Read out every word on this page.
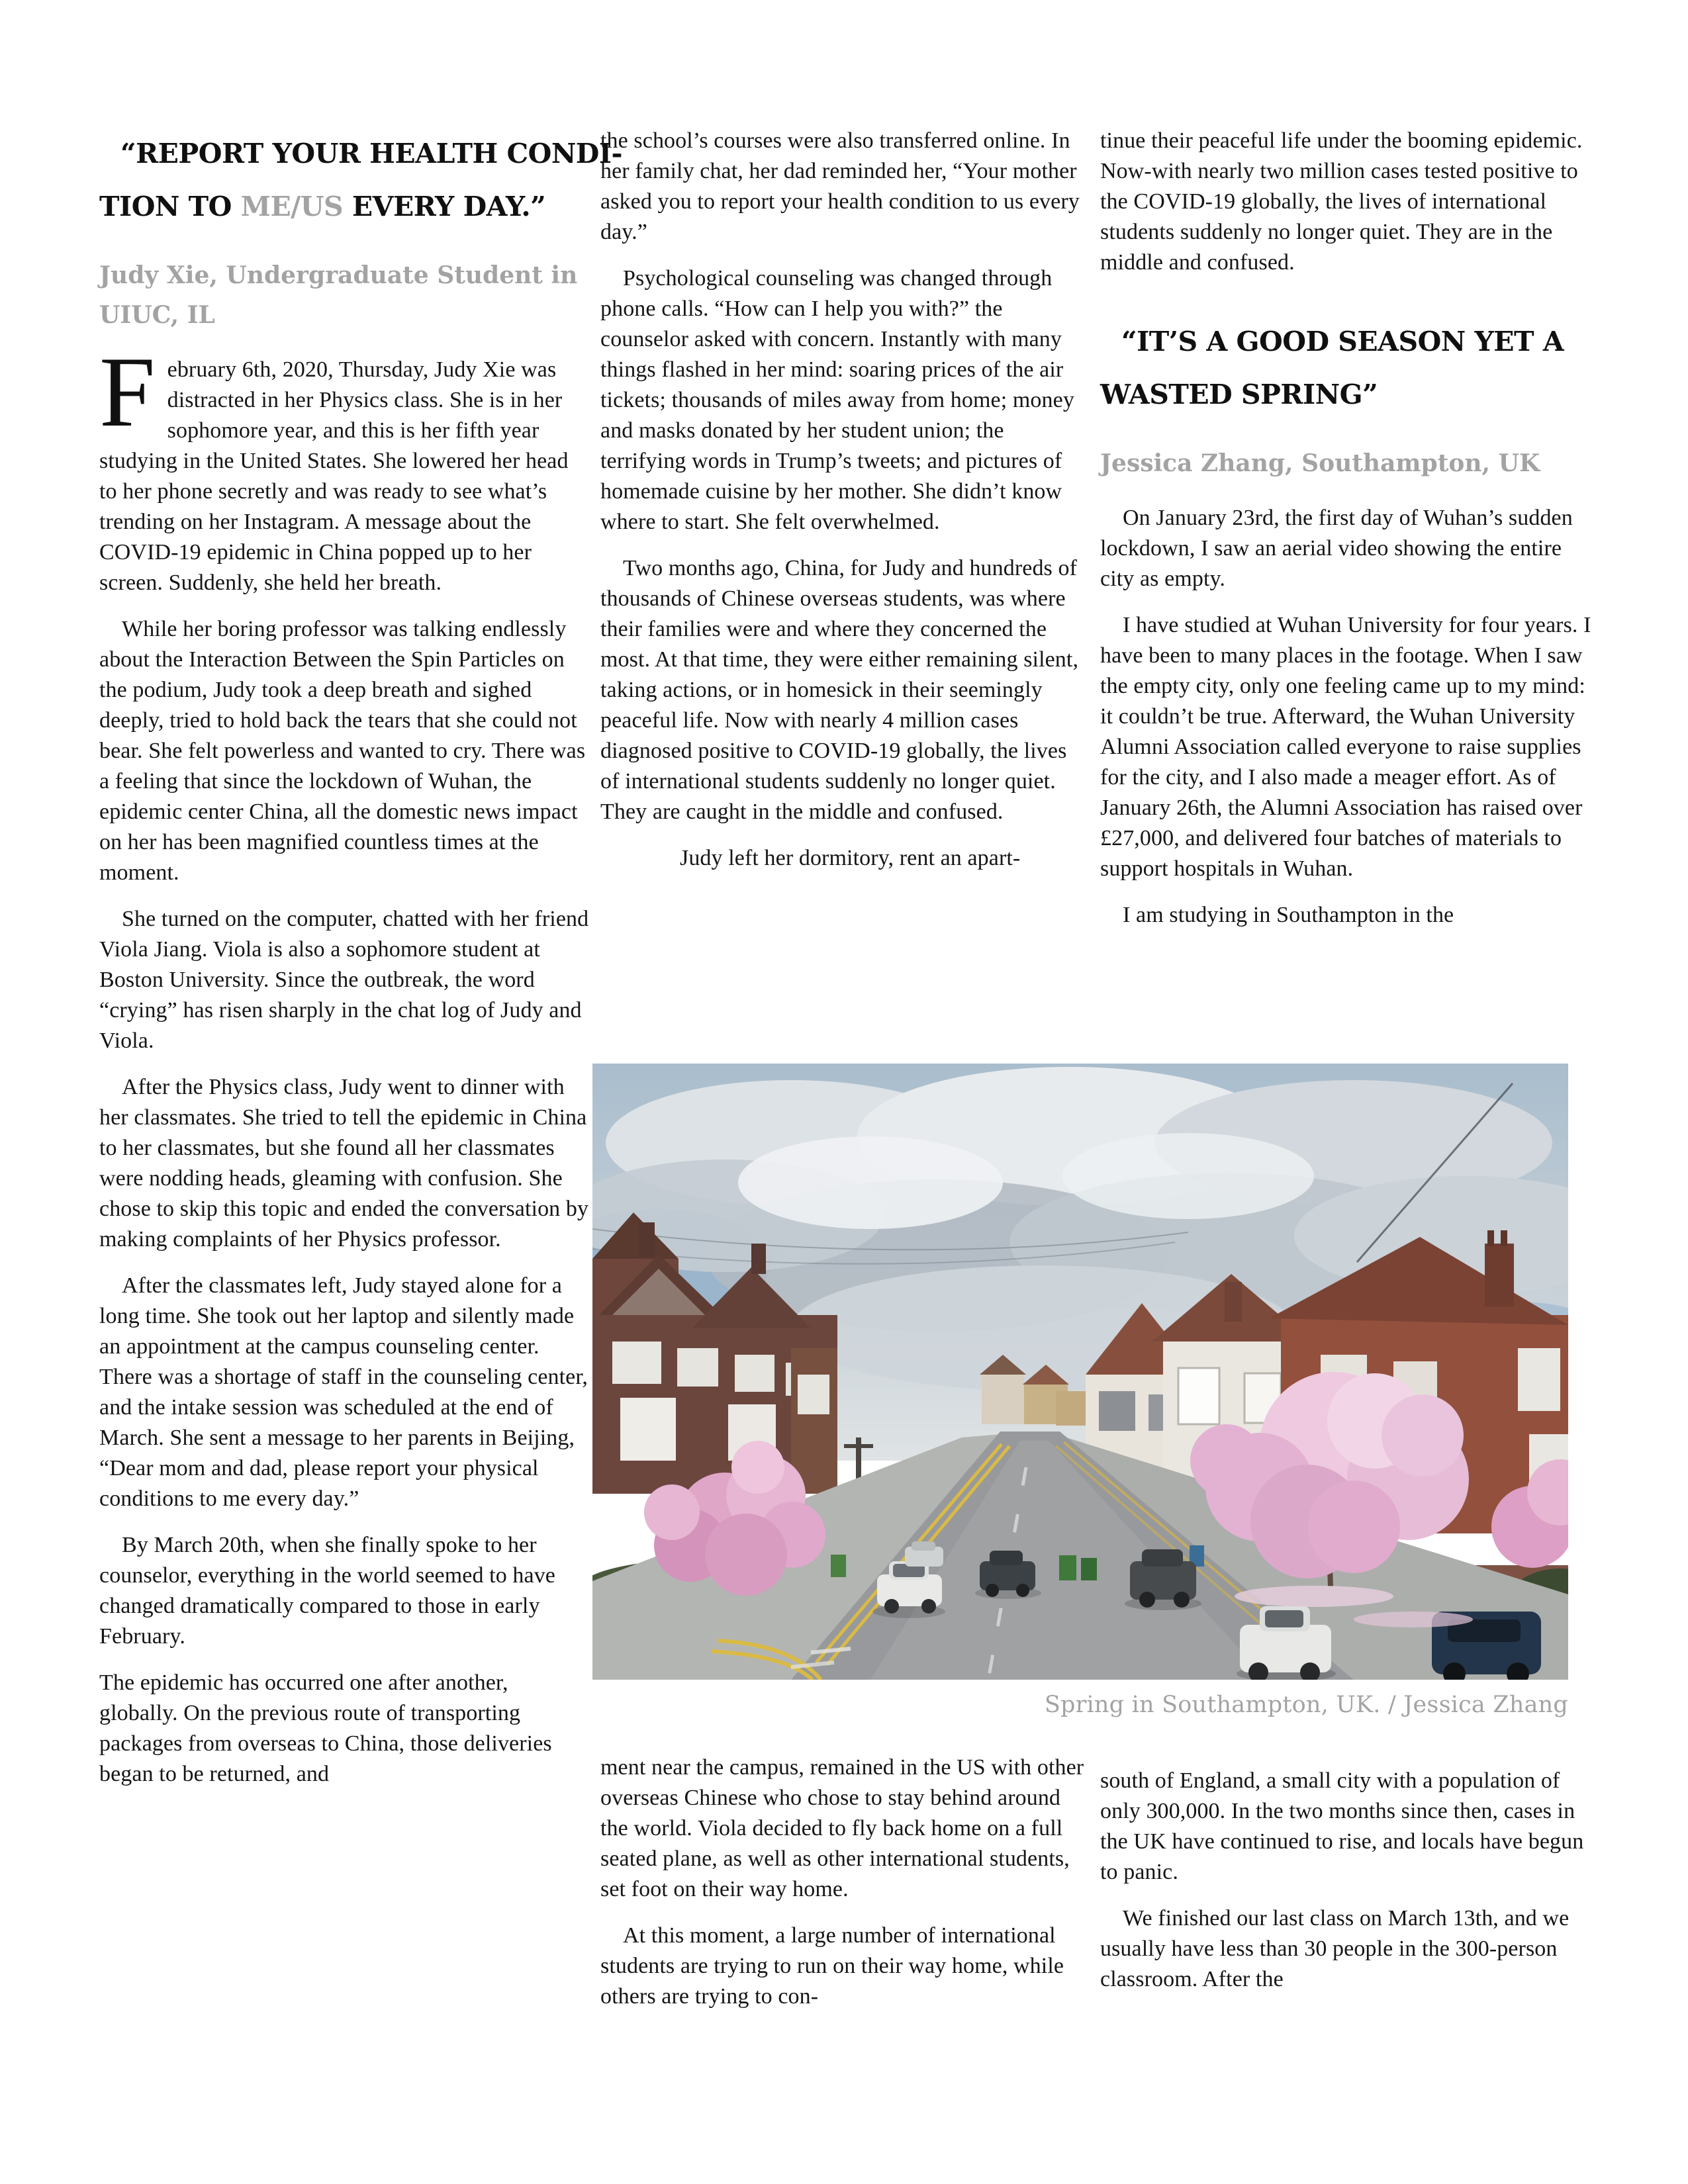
“REPORT YOUR HEALTH CONDI-
TION TO ME/US EVERY DAY.”
Judy Xie, Undergraduate Student in UIUC, IL

February 6th, 2020, Thursday, Judy Xie was distracted in her Physics class. She is in her sophomore year, and this is her fifth year studying in the United States. She lowered her head to her phone secretly and was ready to see what’s trending on her Instagram. A message about the COVID-19 epidemic in China popped up to her screen. Suddenly, she held her breath.

While her boring professor was talking endlessly about the Interaction Between the Spin Particles on the podium, Judy took a deep breath and sighed deeply, tried to hold back the tears that she could not bear. She felt powerless and wanted to cry. There was a feeling that since the lockdown of Wuhan, the epidemic center China, all the domestic news impact on her has been magnified countless times at the moment.

She turned on the computer, chatted with her friend Viola Jiang. Viola is also a sophomore student at Boston University. Since the outbreak, the word “crying” has risen sharply in the chat log of Judy and Viola.

After the Physics class, Judy went to dinner with her classmates. She tried to tell the epidemic in China to her classmates, but she found all her classmates were nodding heads, gleaming with confusion. She chose to skip this topic and ended the conversation by making complaints of her Physics professor.

After the classmates left, Judy stayed alone for a long time. She took out her laptop and silently made an appointment at the campus counseling center. There was a shortage of staff in the counseling center, and the intake session was scheduled at the end of March. She sent a message to her parents in Beijing, “Dear mom and dad, please report your physical conditions to me every day.”

By March 20th, when she finally spoke to her counselor, everything in the world seemed to have changed dramatically compared to those in early February.

The epidemic has occurred one after another, globally. On the previous route of transporting packages from overseas to China, those deliveries began to be returned, and

the school’s courses were also transferred online. In her family chat, her dad reminded her, “Your mother asked you to report your health condition to us every day.”

Psychological counseling was changed through phone calls. “How can I help you with?” the counselor asked with concern. Instantly with many things flashed in her mind: soaring prices of the air tickets; thousands of miles away from home; money and masks donated by her student union; the terrifying words in Trump’s tweets; and pictures of homemade cuisine by her mother. She didn’t know where to start. She felt overwhelmed.

Two months ago, China, for Judy and hundreds of thousands of Chinese overseas students, was where their families were and where they concerned the most. At that time, they were either remaining silent, taking actions, or in homesick in their seemingly peaceful life. Now with nearly 4 million cases diagnosed positive to COVID-19 globally, the lives of international students suddenly no longer quiet. They are caught in the middle and confused.

Judy left her dormitory, rent an apart-

tinue their peaceful life under the booming epidemic. Now-with nearly two million cases tested positive to the COVID-19 globally, the lives of international students suddenly no longer quiet. They are in the middle and confused.

“IT’S A GOOD SEASON YET A
WASTED SPRING”
Jessica Zhang, Southampton, UK

On January 23rd, the first day of Wuhan’s sudden lockdown, I saw an aerial video showing the entire city as empty.

I have studied at Wuhan University for four years. I have been to many places in the footage. When I saw the empty city, only one feeling came up to my mind: it couldn’t be true. Afterward, the Wuhan University Alumni Association called everyone to raise supplies for the city, and I also made a meager effort. As of January 26th, the Alumni Association has raised over £27,000, and delivered four batches of materials to support hospitals in Wuhan.

I am studying in Southampton in the

Spring in Southampton, UK. / Jessica Zhang

ment near the campus, remained in the US with other overseas Chinese who chose to stay behind around the world. Viola decided to fly back home on a full seated plane, as well as other international students, set foot on their way home.

At this moment, a large number of international students are trying to run on their way home, while others are trying to con-

south of England, a small city with a population of only 300,000. In the two months since then, cases in the UK have continued to rise, and locals have begun to panic.

We finished our last class on March 13th, and we usually have less than 30 people in the 300-person classroom. After the
